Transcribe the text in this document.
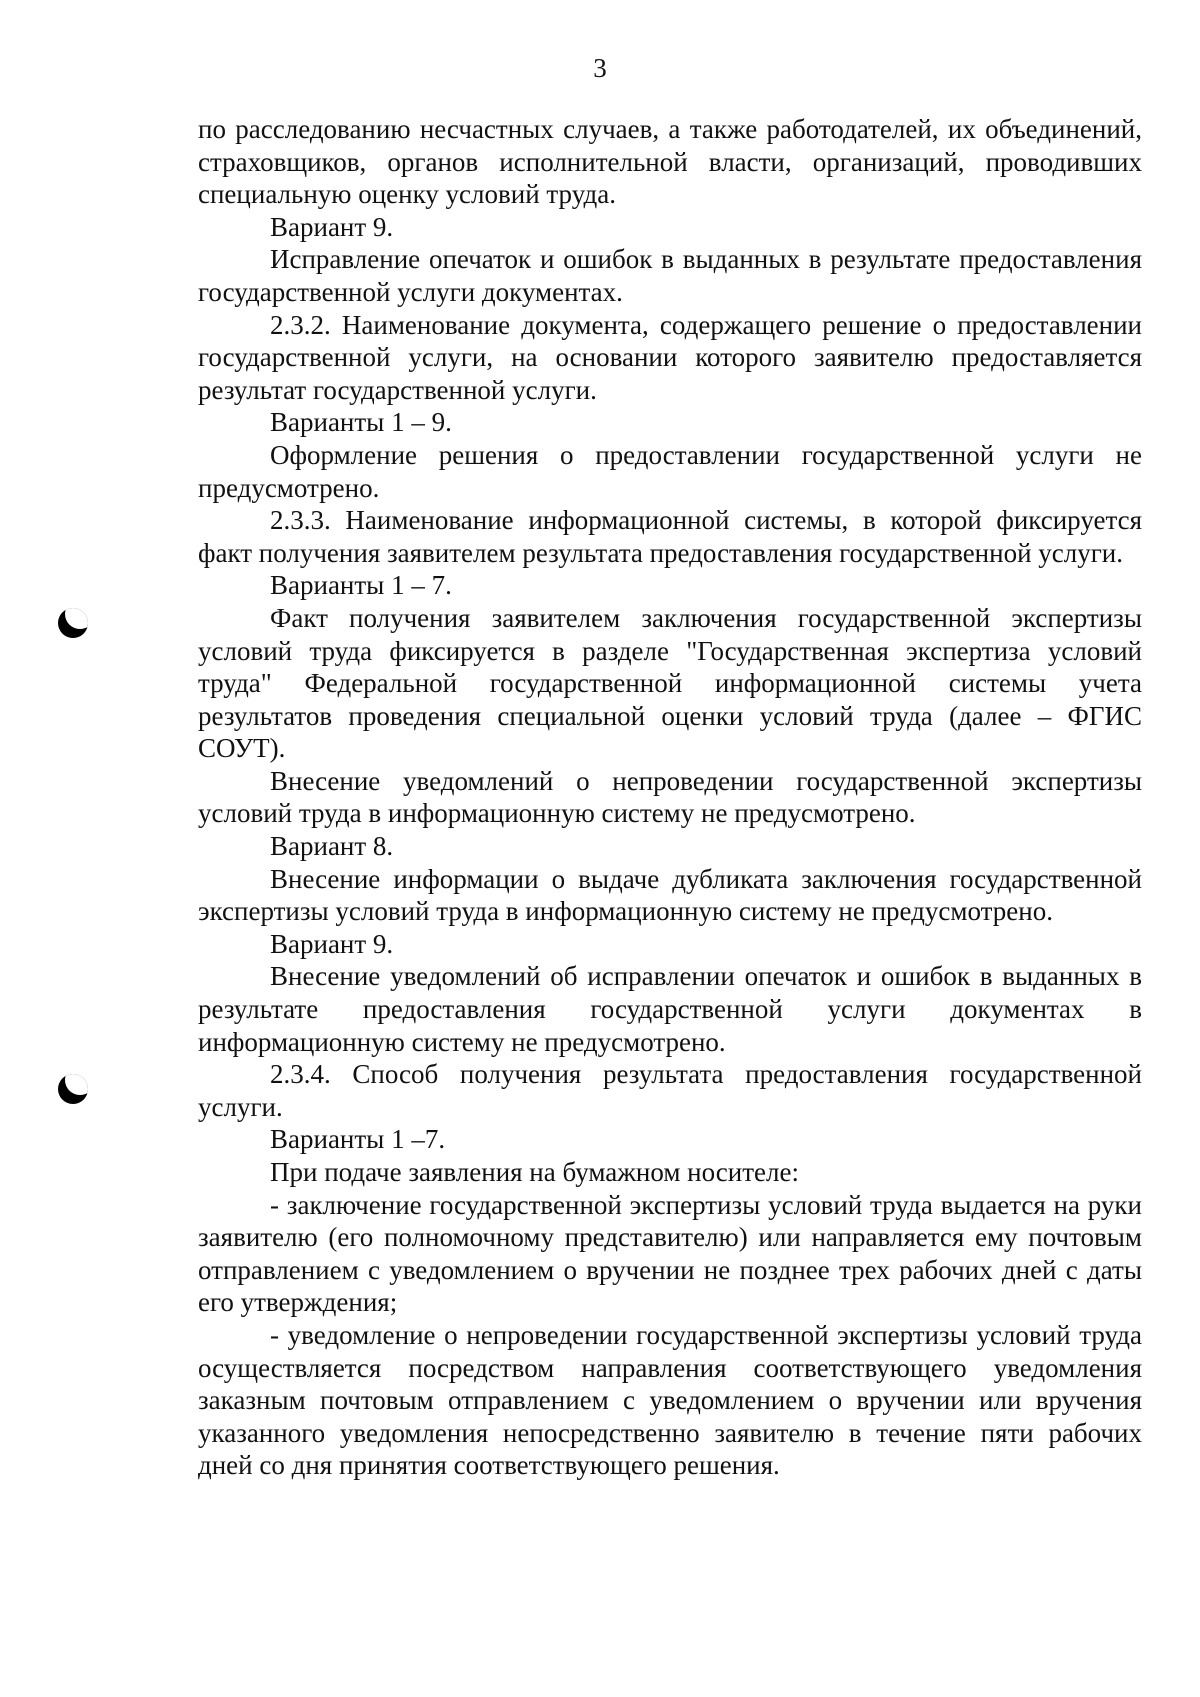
3

по расследованию несчастных случаев, а также работодателей, их объединений, страховщиков, органов исполнительной власти, организаций, проводивших специальную оценку условий труда.

Вариант 9.

Исправление опечаток и ошибок в выданных в результате предоставления государственной услуги документах.

2.3.2. Наименование документа, содержащего решение о предоставлении государственной услуги, на основании которого заявителю предоставляется результат государственной услуги.

Варианты 1 – 9.

Оформление решения о предоставлении государственной услуги не предусмотрено.

2.3.3. Наименование информационной системы, в которой фиксируется факт получения заявителем результата предоставления государственной услуги.

Варианты 1 – 7.

Факт получения заявителем заключения государственной экспертизы условий труда фиксируется в разделе "Государственная экспертиза условий труда" Федеральной государственной информационной системы учета результатов проведения специальной оценки условий труда (далее – ФГИС СОУТ).

Внесение уведомлений о непроведении государственной экспертизы условий труда в информационную систему не предусмотрено.

Вариант 8.

Внесение информации о выдаче дубликата заключения государственной экспертизы условий труда в информационную систему не предусмотрено.

Вариант 9.

Внесение уведомлений об исправлении опечаток и ошибок в выданных в результате предоставления государственной услуги документах в информационную систему не предусмотрено.

2.3.4. Способ получения результата предоставления государственной услуги.

Варианты 1 –7.

При подаче заявления на бумажном носителе:

- заключение государственной экспертизы условий труда выдается на руки заявителю (его полномочному представителю) или направляется ему почтовым отправлением с уведомлением о вручении не позднее трех рабочих дней с даты его утверждения;

- уведомление о непроведении государственной экспертизы условий труда осуществляется посредством направления соответствующего уведомления заказным почтовым отправлением с уведомлением о вручении или вручения указанного уведомления непосредственно заявителю в течение пяти рабочих дней со дня принятия соответствующего решения.
